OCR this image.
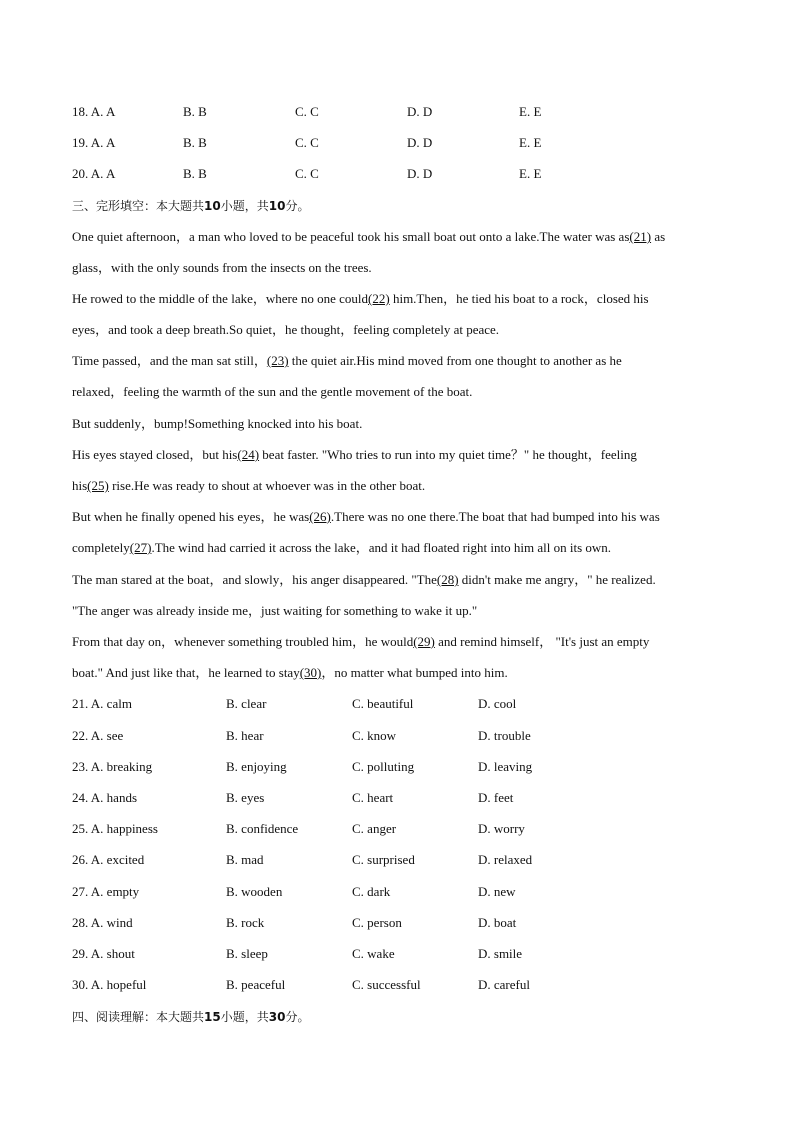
18. A. A	B. B	C. C	D. D	E. E
19. A. A	B. B	C. C	D. D	E. E
20. A. A	B. B	C. C	D. D	E. E
三、完形填空：本大题共10小题，共10分。
One quiet afternoon，a man who loved to be peaceful took his small boat out onto a lake.The water was as(21) as
glass，with the only sounds from the insects on the trees.
He rowed to the middle of the lake，where no one could(22) him.Then，he tied his boat to a rock，closed his
eyes，and took a deep breath.So quiet，he thought，feeling completely at peace.
Time passed，and the man sat still，(23) the quiet air.His mind moved from one thought to another as he
relaxed，feeling the warmth of the sun and the gentle movement of the boat.
But suddenly，bump!Something knocked into his boat.
His eyes stayed closed，but his(24) beat faster. "Who tries to run into my quiet time？" he thought，feeling
his(25) rise.He was ready to shout at whoever was in the other boat.
But when he finally opened his eyes，he was(26).There was no one there.The boat that had bumped into his was
completely(27).The wind had carried it across the lake，and it had floated right into him all on its own.
The man stared at the boat，and slowly，his anger disappeared. "The(28) didn't make me angry，" he realized.
"The anger was already inside me，just waiting for something to wake it up."
From that day on，whenever something troubled him，he would(29) and remind himself， "It's just an empty
boat." And just like that，he learned to stay(30)，no matter what bumped into him.
21. A. calm	B. clear	C. beautiful	D. cool
22. A. see	B. hear	C. know	D. trouble
23. A. breaking	B. enjoying	C. polluting	D. leaving
24. A. hands	B. eyes	C. heart	D. feet
25. A. happiness	B. confidence	C. anger	D. worry
26. A. excited	B. mad	C. surprised	D. relaxed
27. A. empty	B. wooden	C. dark	D. new
28. A. wind	B. rock	C. person	D. boat
29. A. shout	B. sleep	C. wake	D. smile
30. A. hopeful	B. peaceful	C. successful	D. careful
四、阅读理解：本大题共15小题，共30分。
